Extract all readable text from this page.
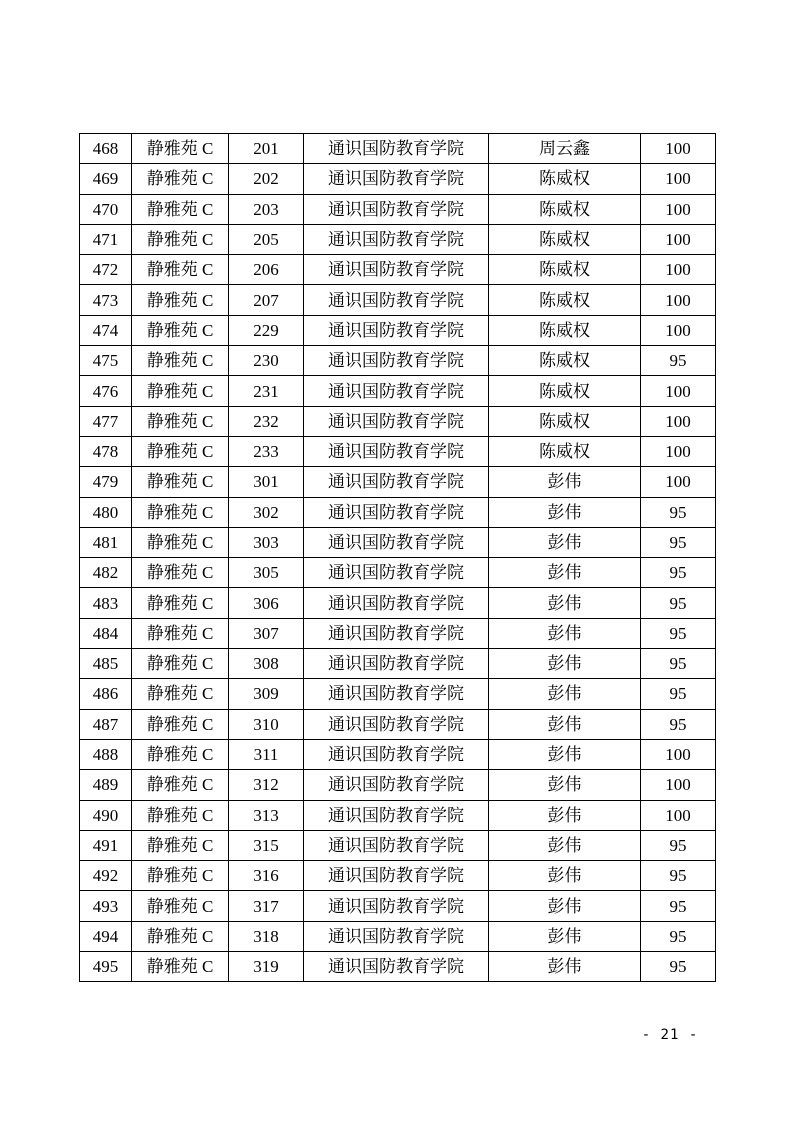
468	静雅苑 C	201	通识国防教育学院	周云鑫	100
469	静雅苑 C	202	通识国防教育学院	陈威权	100
470	静雅苑 C	203	通识国防教育学院	陈威权	100
471	静雅苑 C	205	通识国防教育学院	陈威权	100
472	静雅苑 C	206	通识国防教育学院	陈威权	100
473	静雅苑 C	207	通识国防教育学院	陈威权	100
474	静雅苑 C	229	通识国防教育学院	陈威权	100
475	静雅苑 C	230	通识国防教育学院	陈威权	95
476	静雅苑 C	231	通识国防教育学院	陈威权	100
477	静雅苑 C	232	通识国防教育学院	陈威权	100
478	静雅苑 C	233	通识国防教育学院	陈威权	100
479	静雅苑 C	301	通识国防教育学院	彭伟	100
480	静雅苑 C	302	通识国防教育学院	彭伟	95
481	静雅苑 C	303	通识国防教育学院	彭伟	95
482	静雅苑 C	305	通识国防教育学院	彭伟	95
483	静雅苑 C	306	通识国防教育学院	彭伟	95
484	静雅苑 C	307	通识国防教育学院	彭伟	95
485	静雅苑 C	308	通识国防教育学院	彭伟	95
486	静雅苑 C	309	通识国防教育学院	彭伟	95
487	静雅苑 C	310	通识国防教育学院	彭伟	95
488	静雅苑 C	311	通识国防教育学院	彭伟	100
489	静雅苑 C	312	通识国防教育学院	彭伟	100
490	静雅苑 C	313	通识国防教育学院	彭伟	100
491	静雅苑 C	315	通识国防教育学院	彭伟	95
492	静雅苑 C	316	通识国防教育学院	彭伟	95
493	静雅苑 C	317	通识国防教育学院	彭伟	95
494	静雅苑 C	318	通识国防教育学院	彭伟	95
495	静雅苑 C	319	通识国防教育学院	彭伟	95
- 21 -
